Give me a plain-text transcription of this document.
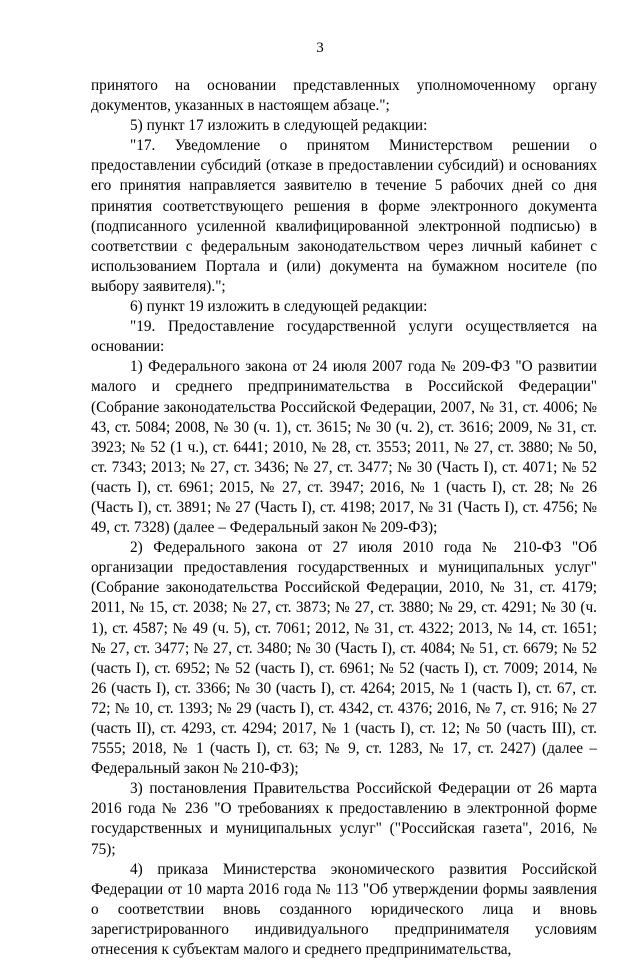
3

принятого на основании представленных уполномоченному органу документов, указанных в настоящем абзаце.";

5) пункт 17 изложить в следующей редакции:

"17. Уведомление о принятом Министерством решении о предоставлении субсидий (отказе в предоставлении субсидий) и основаниях его принятия направляется заявителю в течение 5 рабочих дней со дня принятия соответствующего решения в форме электронного документа (подписанного усиленной квалифицированной электронной подписью) в соответствии с федеральным законодательством через личный кабинет с использованием Портала и (или) документа на бумажном носителе (по выбору заявителя).";

6) пункт 19 изложить в следующей редакции:

"19. Предоставление государственной услуги осуществляется на основании:

1) Федерального закона от 24 июля 2007 года № 209-ФЗ "О развитии малого и среднего предпринимательства в Российской Федерации" (Собрание законодательства Российской Федерации, 2007, № 31, ст. 4006; № 43, ст. 5084; 2008, № 30 (ч. 1), ст. 3615; № 30 (ч. 2), ст. 3616; 2009, № 31, ст. 3923; № 52 (1 ч.), ст. 6441; 2010, № 28, ст. 3553; 2011, № 27, ст. 3880; № 50, ст. 7343; 2013; № 27, ст. 3436; № 27, ст. 3477; № 30 (Часть I), ст. 4071; № 52 (часть I), ст. 6961; 2015, № 27, ст. 3947; 2016, № 1 (часть I), ст. 28; № 26 (Часть I), ст. 3891; № 27 (Часть I), ст. 4198; 2017, № 31 (Часть I), ст. 4756; № 49, ст. 7328) (далее – Федеральный закон № 209-ФЗ);

2) Федерального закона от 27 июля 2010 года № 210-ФЗ "Об организации предоставления государственных и муниципальных услуг" (Собрание законодательства Российской Федерации, 2010, № 31, ст. 4179; 2011, № 15, ст. 2038; № 27, ст. 3873; № 27, ст. 3880; № 29, ст. 4291; № 30 (ч. 1), ст. 4587; № 49 (ч. 5), ст. 7061; 2012, № 31, ст. 4322; 2013, № 14, ст. 1651; № 27, ст. 3477; № 27, ст. 3480; № 30 (Часть I), ст. 4084; № 51, ст. 6679; № 52 (часть I), ст. 6952; № 52 (часть I), ст. 6961; № 52 (часть I), ст. 7009; 2014, № 26 (часть I), ст. 3366; № 30 (часть I), ст. 4264; 2015, № 1 (часть I), ст. 67, ст. 72; № 10, ст. 1393; № 29 (часть I), ст. 4342, ст. 4376; 2016, № 7, ст. 916; № 27 (часть II), ст. 4293, ст. 4294; 2017, № 1 (часть I), ст. 12; № 50 (часть III), ст. 7555; 2018, № 1 (часть I), ст. 63; № 9, ст. 1283, № 17, ст. 2427) (далее – Федеральный закон № 210-ФЗ);

3) постановления Правительства Российской Федерации от 26 марта 2016 года № 236 "О требованиях к предоставлению в электронной форме государственных и муниципальных услуг" ("Российская газета", 2016, № 75);

4) приказа Министерства экономического развития Российской Федерации от 10 марта 2016 года № 113 "Об утверждении формы заявления о соответствии вновь созданного юридического лица и вновь зарегистрированного индивидуального предпринимателя условиям отнесения к субъектам малого и среднего предпринимательства,
